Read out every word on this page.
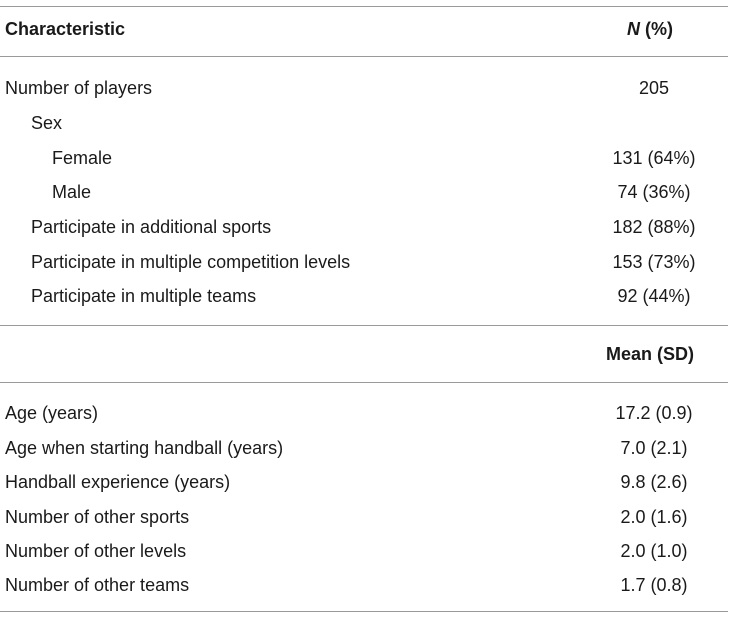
Characteristic	N (%)
Number of players	205
Sex
Female	131 (64%)
Male	74 (36%)
Participate in additional sports	182 (88%)
Participate in multiple competition levels	153 (73%)
Participate in multiple teams	92 (44%)
Mean (SD)
Age (years)	17.2 (0.9)
Age when starting handball (years)	7.0 (2.1)
Handball experience (years)	9.8 (2.6)
Number of other sports	2.0 (1.6)
Number of other levels	2.0 (1.0)
Number of other teams	1.7 (0.8)
